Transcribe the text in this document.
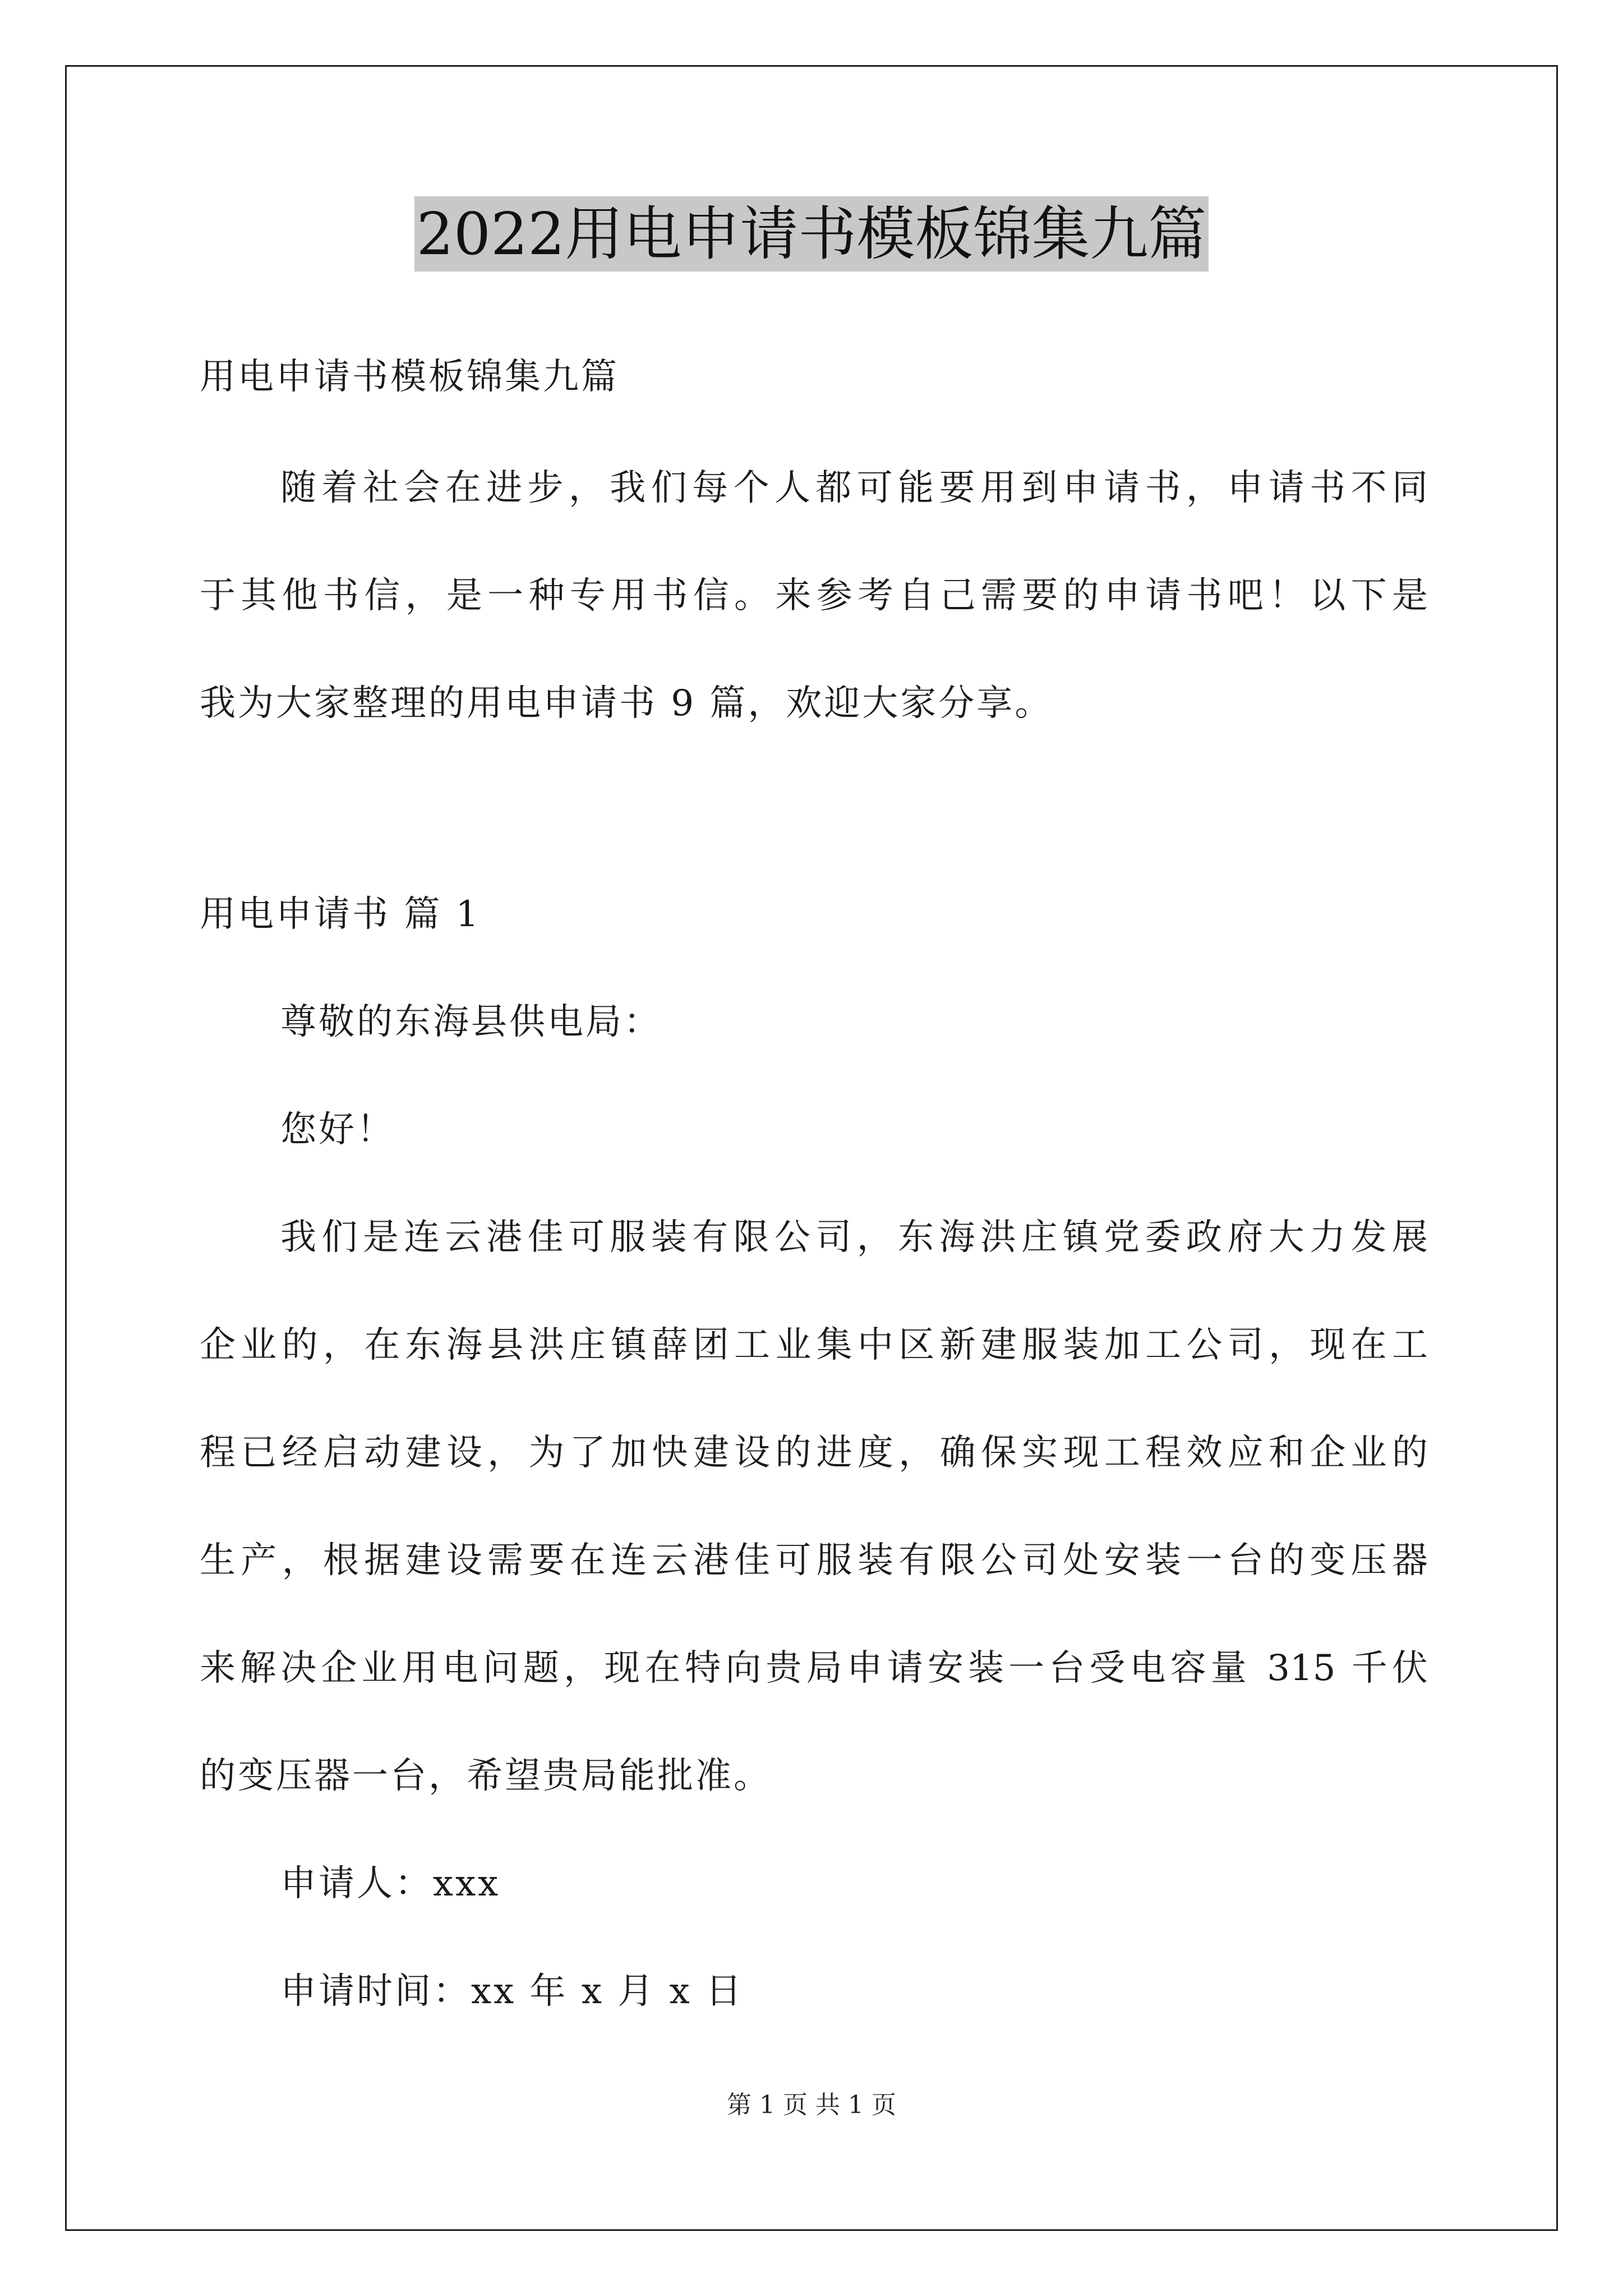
2022用电申请书模板锦集九篇
用电申请书模板锦集九篇
随着社会在进步，我们每个人都可能要用到申请书，申请书不同
于其他书信，是一种专用书信。来参考自己需要的申请书吧！以下是
我为大家整理的用电申请书 9 篇，欢迎大家分享。
用电申请书 篇 1
尊敬的东海县供电局：
您好！
我们是连云港佳可服装有限公司，东海洪庄镇党委政府大力发展
企业的，在东海县洪庄镇薛团工业集中区新建服装加工公司，现在工
程已经启动建设，为了加快建设的进度，确保实现工程效应和企业的
生产，根据建设需要在连云港佳可服装有限公司处安装一台的变压器
来解决企业用电问题，现在特向贵局申请安装一台受电容量 315 千伏
的变压器一台，希望贵局能批准。
申请人：xxx
申请时间：xx 年 x 月 x 日
第 1 页 共 1 页
